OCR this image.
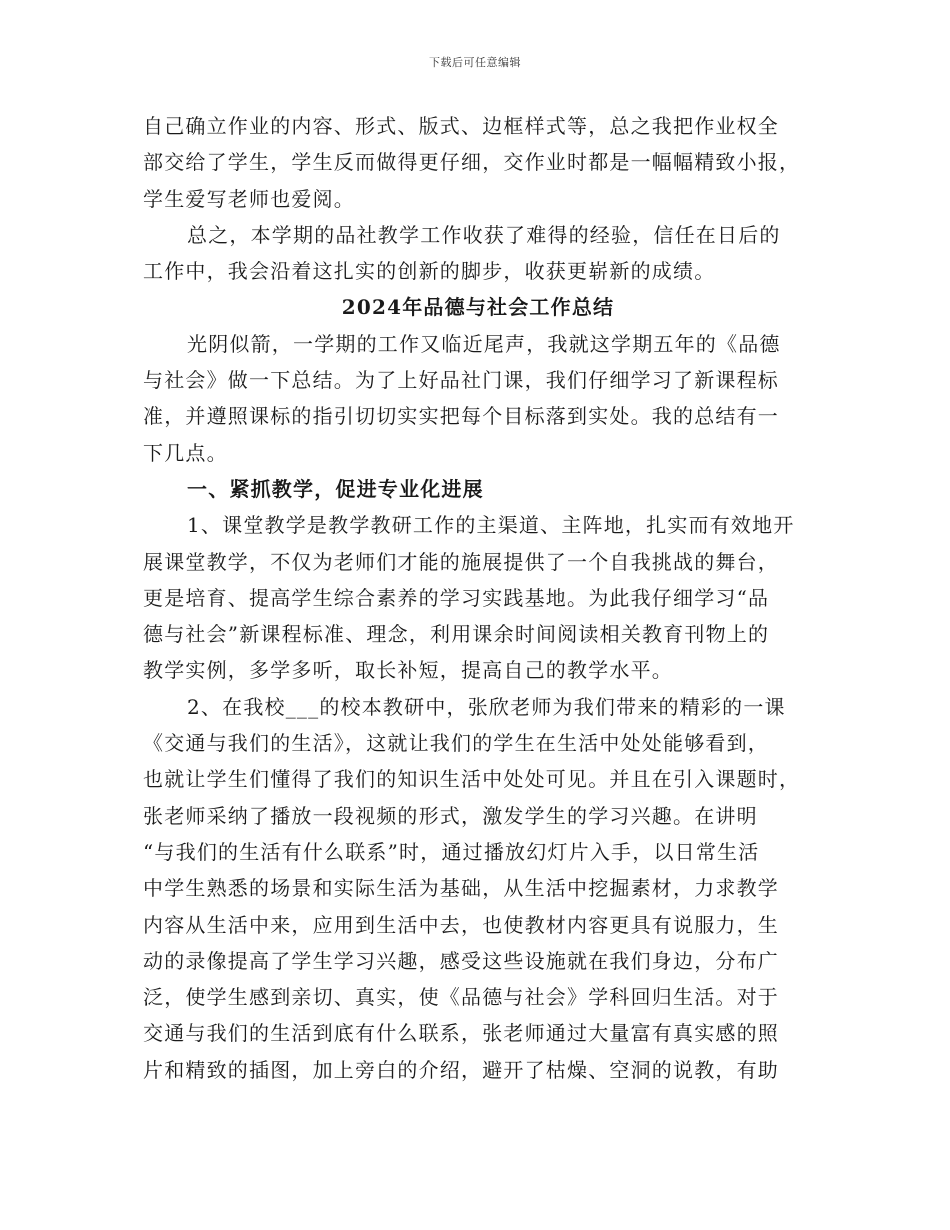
下载后可任意编辑
自己确立作业的内容、形式、版式、边框样式等，总之我把作业权全
部交给了学生，学生反而做得更仔细，交作业时都是一幅幅精致小报，
学生爱写老师也爱阅。
总之，本学期的品社教学工作收获了难得的经验，信任在日后的
工作中，我会沿着这扎实的创新的脚步，收获更崭新的成绩。
2024年品德与社会工作总结
光阴似箭，一学期的工作又临近尾声，我就这学期五年的《品德
与社会》做一下总结。为了上好品社门课，我们仔细学习了新课程标
准，并遵照课标的指引切切实实把每个目标落到实处。我的总结有一
下几点。
一、紧抓教学，促进专业化进展
1、课堂教学是教学教研工作的主渠道、主阵地，扎实而有效地开
展课堂教学，不仅为老师们才能的施展提供了一个自我挑战的舞台，
更是培育、提高学生综合素养的学习实践基地。为此我仔细学习“品
德与社会”新课程标准、理念，利用课余时间阅读相关教育刊物上的
教学实例，多学多听，取长补短，提高自己的教学水平。
2、在我校___的校本教研中，张欣老师为我们带来的精彩的一课
《交通与我们的生活》，这就让我们的学生在生活中处处能够看到，
也就让学生们懂得了我们的知识生活中处处可见。并且在引入课题时，
张老师采纳了播放一段视频的形式，激发学生的学习兴趣。在讲明
“与我们的生活有什么联系”时，通过播放幻灯片入手，以日常生活
中学生熟悉的场景和实际生活为基础，从生活中挖掘素材，力求教学
内容从生活中来，应用到生活中去，也使教材内容更具有说服力，生
动的录像提高了学生学习兴趣，感受这些设施就在我们身边，分布广
泛，使学生感到亲切、真实，使《品德与社会》学科回归生活。对于
交通与我们的生活到底有什么联系，张老师通过大量富有真实感的照
片和精致的插图，加上旁白的介绍，避开了枯燥、空洞的说教，有助
